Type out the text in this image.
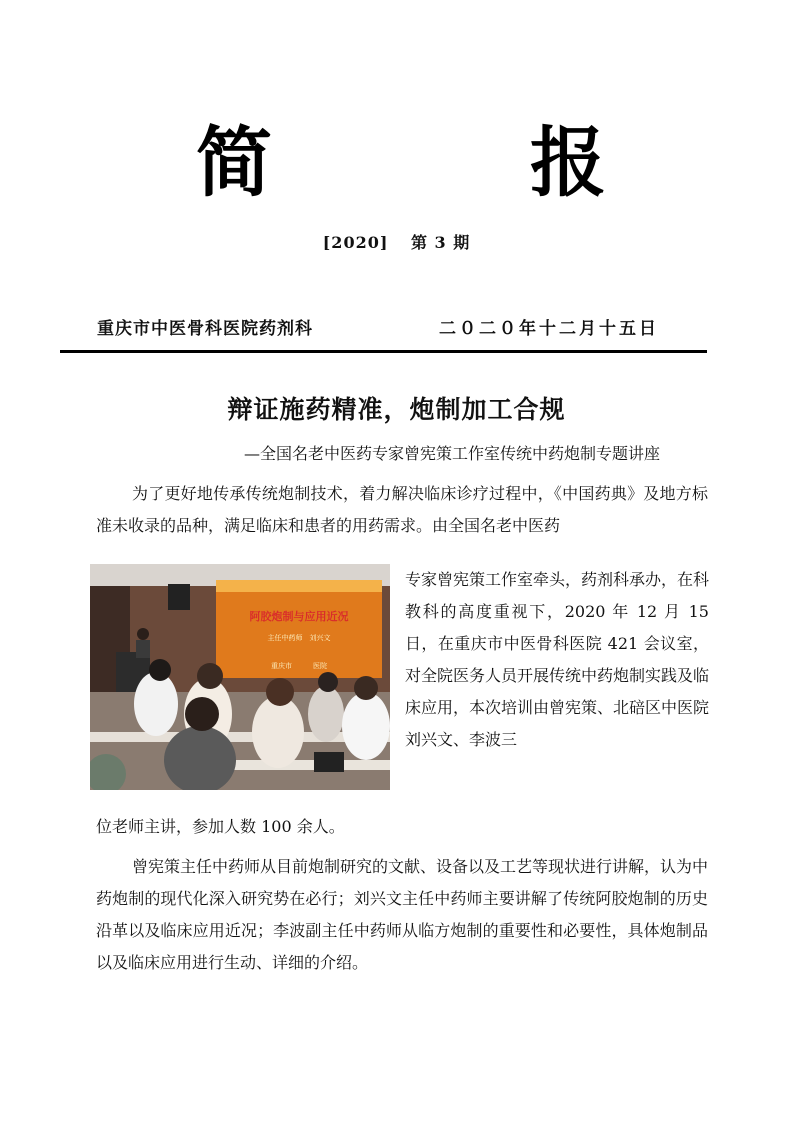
简	报
[2020] 第 3 期
重庆市中医骨科医院药剂科	二０二０年十二月十五日
辩证施药精准，炮制加工合规
—全国名老中医药专家曾宪策工作室传统中药炮制专题讲座
为了更好地传承传统炮制技术，着力解决临床诊疗过程中，《中国药典》及地方标准未收录的品种，满足临床和患者的用药需求。由全国名老中医药
阿胶炮制与应用近况
主任中药师　刘兴文
重庆市　　　医院
专家曾宪策工作室牵头，药剂科承办，在科教科的高度重视下，2020 年 12 月 15 日，在重庆市中医骨科医院 421 会议室，对全院医务人员开展传统中药炮制实践及临床应用，本次培训由曾宪策、北碚区中医院刘兴文、李波三
位老师主讲，参加人数 100 余人。
曾宪策主任中药师从目前炮制研究的文献、设备以及工艺等现状进行讲解，认为中药炮制的现代化深入研究势在必行；刘兴文主任中药师主要讲解了传统阿胶炮制的历史沿革以及临床应用近况；李波副主任中药师从临方炮制的重要性和必要性，具体炮制品以及临床应用进行生动、详细的介绍。
